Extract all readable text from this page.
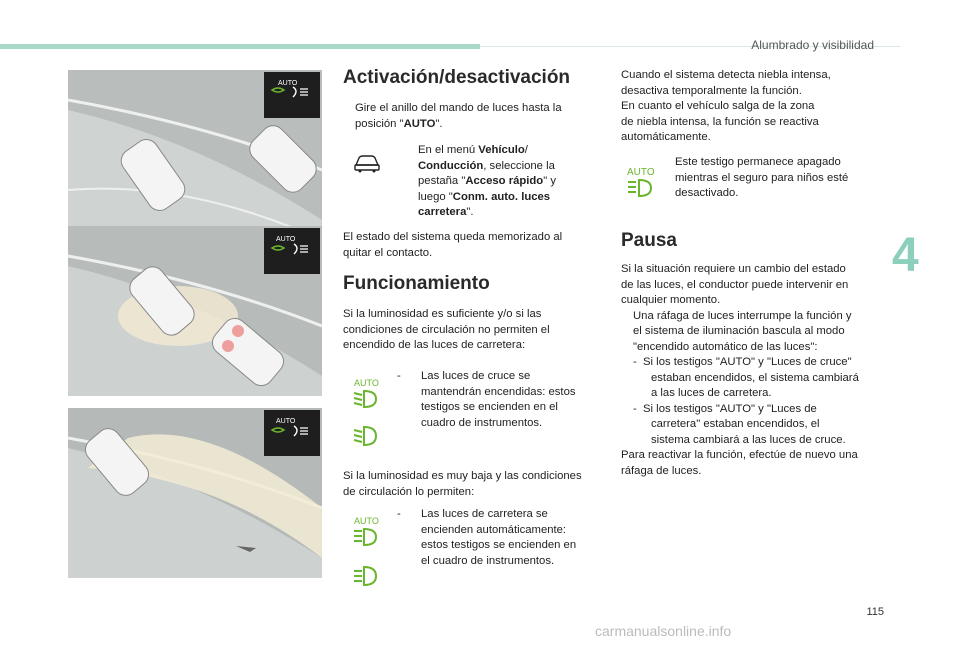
Alumbrado y visibilidad
4
AUTO
AUTO
AUTO
Activación/desactivación

Gire el anillo del mando de luces hasta la
posición "AUTO".

En el menú Vehículo/
Conducción, seleccione la
pestaña "Acceso rápido" y
luego "Conm. auto. luces
carretera".

El estado del sistema queda memorizado al
quitar el contacto.

Funcionamiento

Si la luminosidad es suficiente y/o si las
condiciones de circulación no permiten el
encendido de las luces de carretera:

AUTO

- Las luces de cruce se
mantendrán encendidas: estos
testigos se encienden en el
cuadro de instrumentos.

Si la luminosidad es muy baja y las condiciones
de circulación lo permiten:

AUTO

- Las luces de carretera se
encienden automáticamente:
estos testigos se encienden en
el cuadro de instrumentos.

Cuando el sistema detecta niebla intensa,
desactiva temporalmente la función.
En cuanto el vehículo salga de la zona
de niebla intensa, la función se reactiva
automáticamente.

AUTO

Este testigo permanece apagado
mientras el seguro para niños esté
desactivado.

Pausa

Si la situación requiere un cambio del estado
de las luces, el conductor puede intervenir en
cualquier momento.
Una ráfaga de luces interrumpe la función y
el sistema de iluminación bascula al modo
"encendido automático de las luces":
- Si los testigos "AUTO" y "Luces de cruce"
estaban encendidos, el sistema cambiará
a las luces de carretera.
- Si los testigos "AUTO" y "Luces de
carretera" estaban encendidos, el
sistema cambiará a las luces de cruce.
Para reactivar la función, efectúe de nuevo una
ráfaga de luces.

115
carmanualsonline.info
